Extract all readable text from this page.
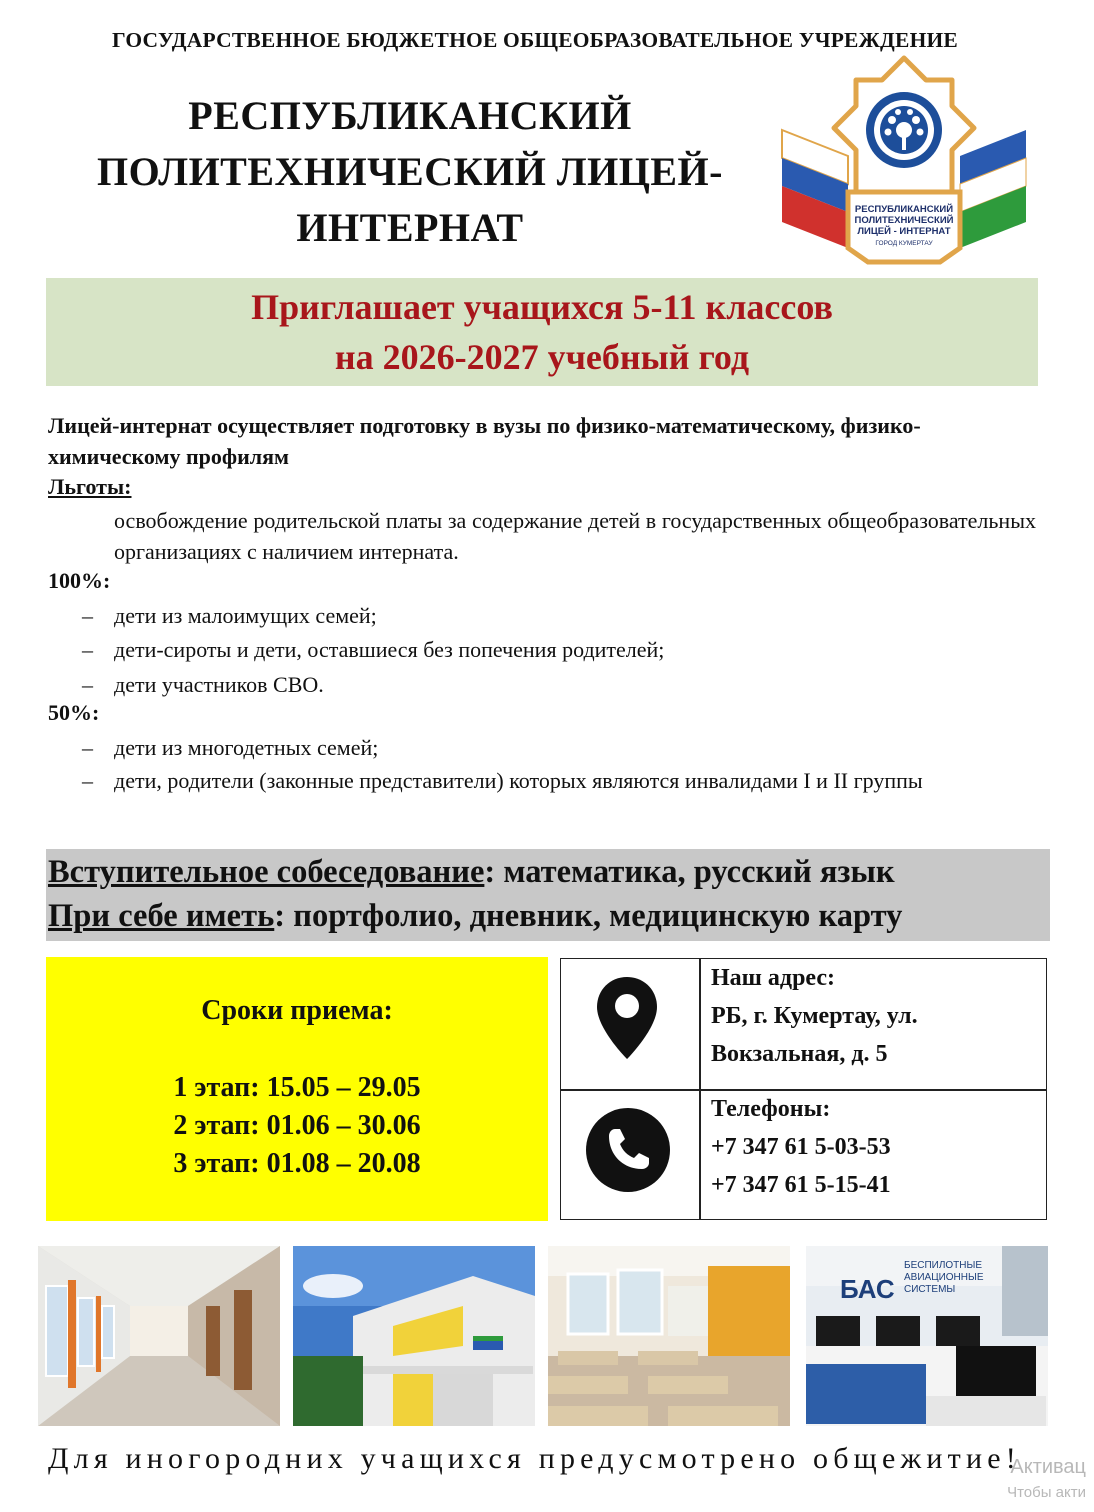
ГОСУДАРСТВЕННОЕ БЮДЖЕТНОЕ ОБЩЕОБРАЗОВАТЕЛЬНОЕ УЧРЕЖДЕНИЕ
РЕСПУБЛИКАНСКИЙ
ПОЛИТЕХНИЧЕСКИЙ ЛИЦЕЙ-
ИНТЕРНАТ	РЕСПУБЛИКАНСКИЙ
ПОЛИТЕХНИЧЕСКИЙ
ЛИЦЕЙ - ИНТЕРНАТ
ГОРОД КУМЕРТАУ
Приглашает учащихся 5-11 классов
на 2026-2027 учебный год
Лицей-интернат осуществляет подготовку в вузы по физико-математическому, физико-химическому профилям
Льготы:
освобождение родительской платы за содержание детей в государственных общеобразовательных организациях с наличием интерната.
100%:
– дети из малоимущих семей;
– дети-сироты и дети, оставшиеся без попечения родителей;
– дети участников СВО.
50%:
– дети из многодетных семей;
– дети, родители (законные представители) которых являются инвалидами I и II группы
Вступительное собеседование: математика, русский язык
При себе иметь: портфолио, дневник, медицинскую карту
Сроки приема:
1 этап: 15.05 – 29.05
2 этап: 01.06 – 30.06
3 этап: 01.08 – 20.08
Наш адрес:
РБ, г. Кумертау, ул.
Вокзальная, д. 5
Телефоны:
+7 347 61 5-03-53
+7 347 61 5-15-41
БАС
БЕСПИЛОТНЫЕ
АВИАЦИОННЫЕ
СИСТЕМЫ
Для иногородних учащихся предусмотрено общежитие!
Активац
Чтобы акти
